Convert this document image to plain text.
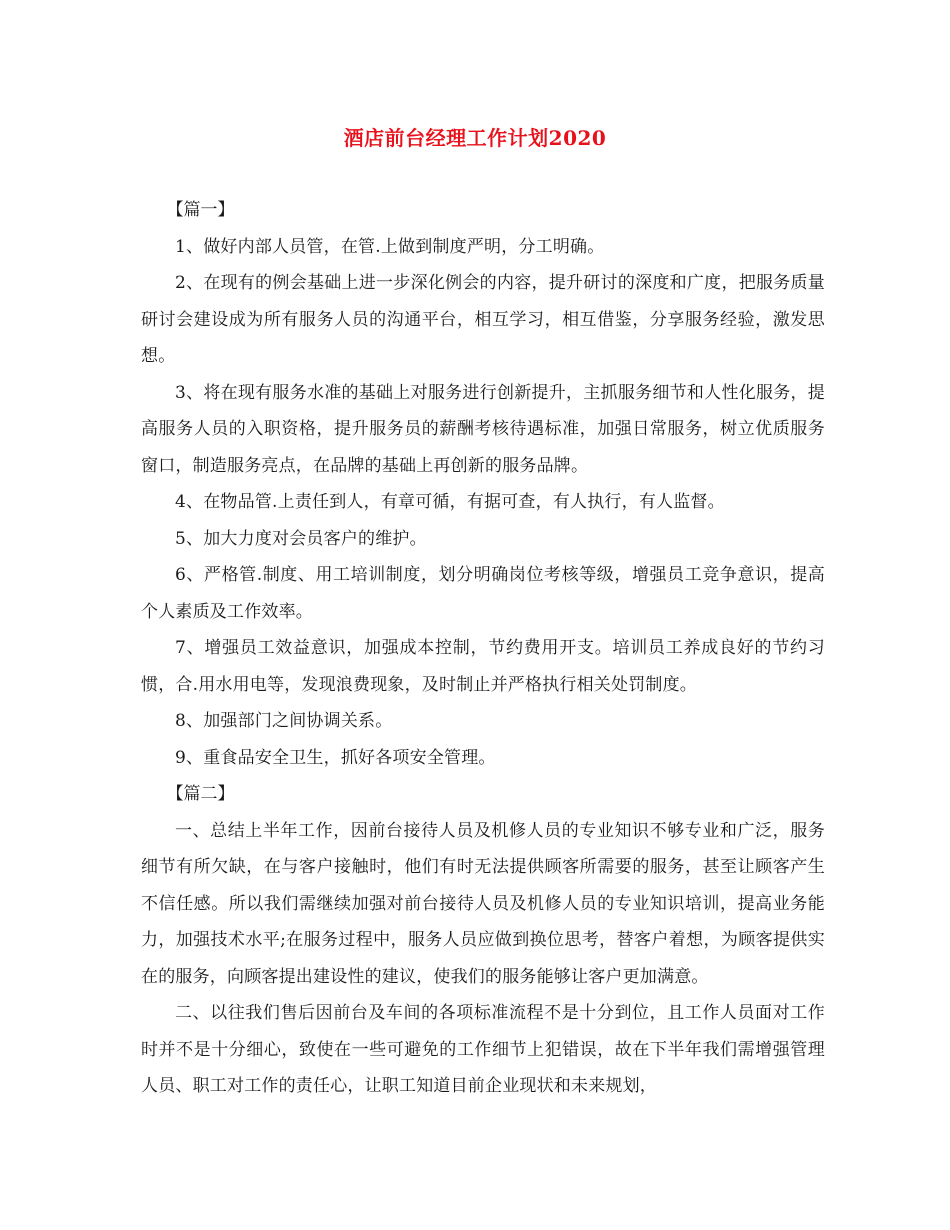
酒店前台经理工作计划2020

【篇一】

1、做好内部人员管，在管.上做到制度严明，分工明确。

2、在现有的例会基础上进一步深化例会的内容，提升研讨的深度和广度，把服务质量研讨会建设成为所有服务人员的沟通平台，相互学习，相互借鉴，分享服务经验，激发思想。

3、将在现有服务水准的基础上对服务进行创新提升，主抓服务细节和人性化服务，提高服务人员的入职资格，提升服务员的薪酬考核待遇标准，加强日常服务，树立优质服务窗口，制造服务亮点，在品牌的基础上再创新的服务品牌。

4、在物品管.上责任到人，有章可循，有据可查，有人执行，有人监督。

5、加大力度对会员客户的维护。

6、严格管.制度、用工培训制度，划分明确岗位考核等级，增强员工竞争意识，提高个人素质及工作效率。

7、增强员工效益意识，加强成本控制，节约费用开支。培训员工养成良好的节约习惯，合.用水用电等，发现浪费现象，及时制止并严格执行相关处罚制度。

8、加强部门之间协调关系。

9、重食品安全卫生，抓好各项安全管理。

【篇二】

一、总结上半年工作，因前台接待人员及机修人员的专业知识不够专业和广泛，服务细节有所欠缺，在与客户接触时，他们有时无法提供顾客所需要的服务，甚至让顾客产生不信任感。所以我们需继续加强对前台接待人员及机修人员的专业知识培训，提高业务能力，加强技术水平;在服务过程中，服务人员应做到换位思考，替客户着想，为顾客提供实在的服务，向顾客提出建设性的建议，使我们的服务能够让客户更加满意。

二、以往我们售后因前台及车间的各项标准流程不是十分到位，且工作人员面对工作时并不是十分细心，致使在一些可避免的工作细节上犯错误，故在下半年我们需增强管理人员、职工对工作的责任心，让职工知道目前企业现状和未来规划，
